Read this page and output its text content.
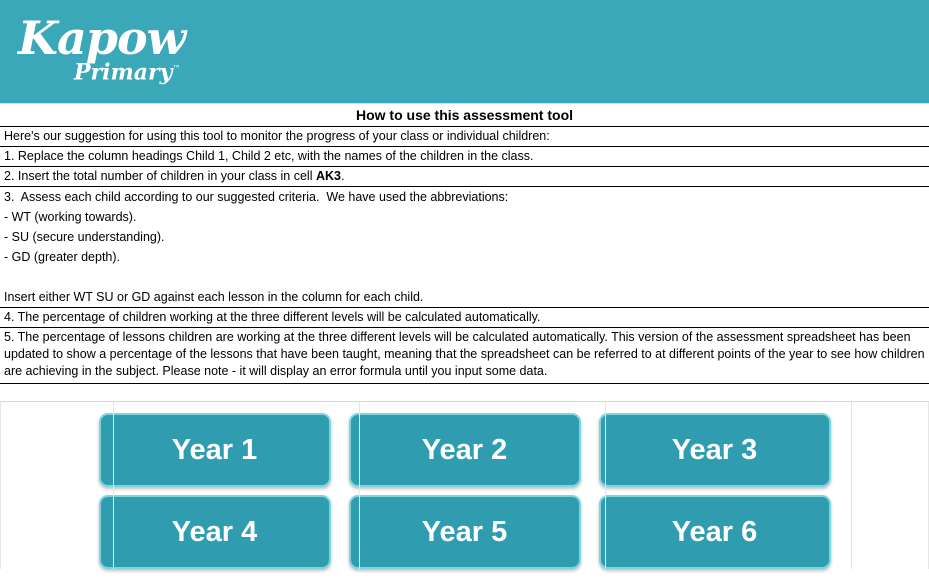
Kapow
Primary™
How to use this assessment tool
Here's our suggestion for using this tool to monitor the progress of your class or individual children:
1. Replace the column headings Child 1, Child 2 etc, with the names of the children in the class.
2. Insert the total number of children in your class in cell AK3.
3.  Assess each child according to our suggested criteria.  We have used the abbreviations:
- WT (working towards).
- SU (secure understanding).
- GD (greater depth).
Insert either WT SU or GD against each lesson in the column for each child.
4. The percentage of children working at the three different levels will be calculated automatically.
5. The percentage of lessons children are working at the three different levels will be calculated automatically. This version of the assessment spreadsheet has been updated to show a percentage of the lessons that have been taught, meaning that the spreadsheet can be referred to at different points of the year to see how children are achieving in the subject. Please note - it will display an error formula until you input some data.
Year 1	Year 2	Year 3
Year 4	Year 5	Year 6
